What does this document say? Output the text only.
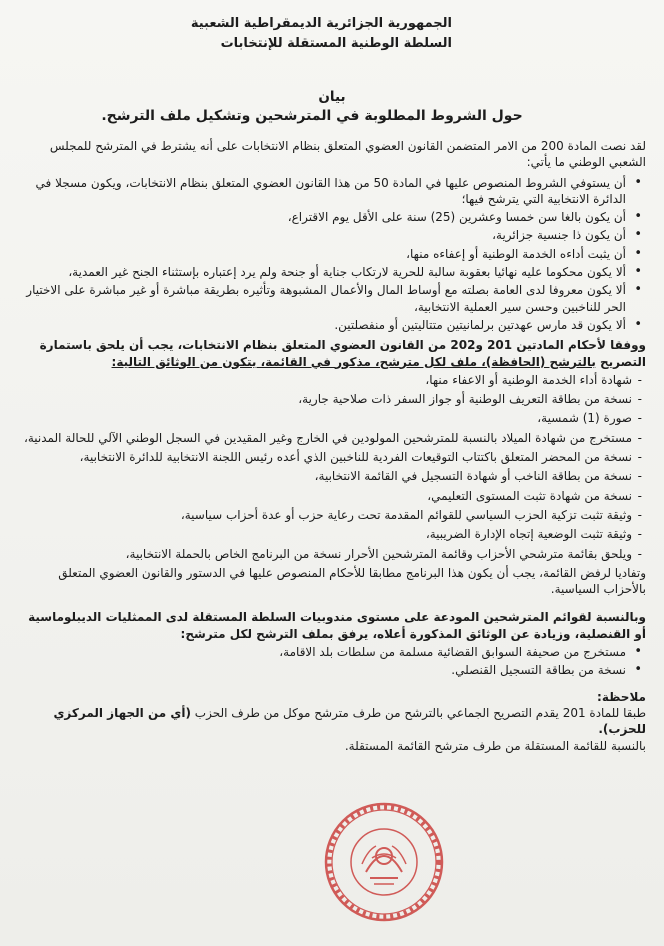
الجمهورية الجزائرية الديمقراطية الشعبية
السلطة الوطنية المستقلة للإنتخابات
بيان
حول الشروط المطلوبة في المترشحين وتشكيل ملف الترشح.

لقد نصت المادة 200 من الامر المتضمن القانون العضوي المتعلق بنظام الانتخابات على أنه يشترط في المترشح للمجلس الشعبي الوطني ما يأتي:

• أن يستوفي الشروط المنصوص عليها في المادة 50 من هذا القانون العضوي المتعلق بنظام الانتخابات، ويكون مسجلا في الدائرة الانتخابية التي يترشح فيها؛
• أن يكون بالغا سن خمسا وعشرين (25) سنة على الأقل يوم الاقتراع،
• أن يكون ذا جنسية جزائرية،
• أن يثبت أداءه الخدمة الوطنية أو إعفاءه منها،
• ألا يكون محكوما عليه نهائيا بعقوبة سالبة للحرية لارتكاب جناية أو جنحة ولم يرد إعتباره بإستثناء الجنح غير العمدية،
• ألا يكون معروفا لدى العامة بصلته مع أوساط المال والأعمال المشبوهة وتأثيره بطريقة مباشرة أو غير مباشرة على الاختيار الحر للناخبين وحسن سير العملية الانتخابية،
• ألا يكون قد مارس عهدتين برلمانيتين متتاليتين أو منفصلتين.

ووفقا لأحكام المادتين 201 و202 من القانون العضوي المتعلق بنظام الانتخابات، يجب أن يلحق باستمارة التصريح بالترشح (الحافظة)، ملف لكل مترشح، مذكور في القائمة، يتكون من الوثائق التالية:

- شهادة أداء الخدمة الوطنية أو الاعفاء منها،
- نسخة من بطاقة التعريف الوطنية أو جواز السفر ذات صلاحية جارية،
- صورة (1) شمسية،
- مستخرج من شهادة الميلاد بالنسبة للمترشحين المولودين في الخارج وغير المقيدين في السجل الوطني الآلي للحالة المدنية،
- نسخة من المحضر المتعلق باكتتاب التوقيعات الفردية للناخبين الذي أعده رئيس اللجنة الانتخابية للدائرة الانتخابية،
- نسخة من بطاقة الناخب أو شهادة التسجيل في القائمة الانتخابية،
- نسخة من شهادة تثبت المستوى التعليمي،
- وثيقة تثبت تزكية الحزب السياسي للقوائم المقدمة تحت رعاية حزب أو عدة أحزاب سياسية،
- وثيقة تثبت الوضعية إتجاه الإدارة الضريبية،
- ويلحق بقائمة مترشحي الأحزاب وقائمة المترشحين الأحرار نسخة من البرنامج الخاص بالحملة الانتخابية،

وتفاديا لرفض القائمة، يجب أن يكون هذا البرنامج مطابقا للأحكام المنصوص عليها في الدستور والقانون العضوي المتعلق بالأحزاب السياسية.

وبالنسبة لقوائم المترشحين المودعة على مستوى مندوبيات السلطة المستقلة لدى الممثليات الديبلوماسية أو القنصلية، وزيادة عن الوثائق المذكورة أعلاه، يرفق بملف الترشح لكل مترشح:

• مستخرج من صحيفة السوابق القضائية مسلمة من سلطات بلد الاقامة،
• نسخة من بطاقة التسجيل القنصلي.

ملاحظة:

طبقا للمادة 201 يقدم التصريح الجماعي بالترشح من طرف مترشح موكل من طرف الحزب (أي من الجهاز المركزي للحزب).

بالنسبة للقائمة المستقلة من طرف مترشح القائمة المستقلة.
